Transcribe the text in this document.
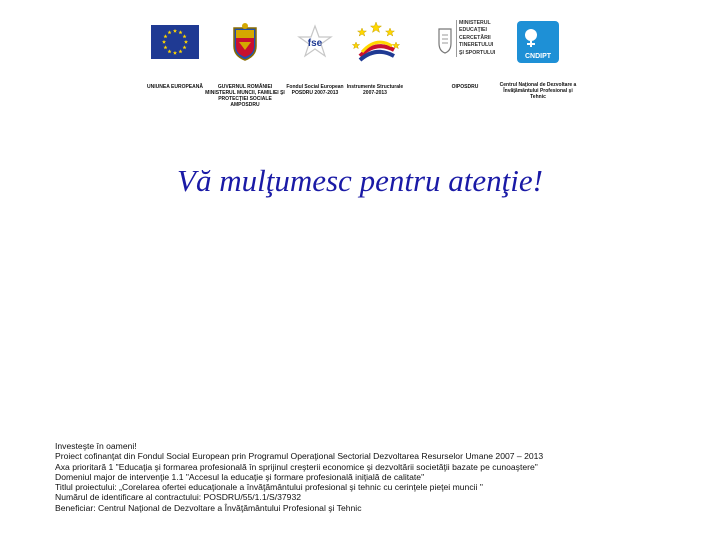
UNIUNEA EUROPEANĂ	GUVERNUL ROMÂNIEI
MINISTERUL MUNCII, FAMILIEI ŞI
PROTECŢIEI SOCIALE
AMPOSDRU
fse
Fondul Social European
POSDRU 2007-2013
Instrumente Structurale
2007-2013
MINISTERUL
EDUCAŢIEI
CERCETĂRII
TINERETULUI
ŞI SPORTULUI
OIPOSDRU
CNDIPT
Centrul Naţional de Dezvoltare a
Învăţământului Profesional şi
Tehnic
Vă mulţumesc pentru atenţie!
Investeşte în oameni!
Proiect cofinanţat din Fondul Social European prin Programul Operaţional Sectorial Dezvoltarea Resurselor Umane 2007 – 2013
Axa prioritară 1 "Educaţia şi formarea profesională în sprijinul creşterii economice şi dezvoltării societăţii bazate pe cunoaştere"
Domeniul major de intervenţie 1.1 "Accesul la educaţie şi formare profesională iniţială de calitate"
Titlul proiectului: „Corelarea ofertei educaţionale a învăţământului profesional şi tehnic cu cerinţele pieţei muncii "
Numărul de identificare al contractului: POSDRU/55/1.1/S/37932
Beneficiar: Centrul Naţional de Dezvoltare a Învăţământului Profesional şi Tehnic
